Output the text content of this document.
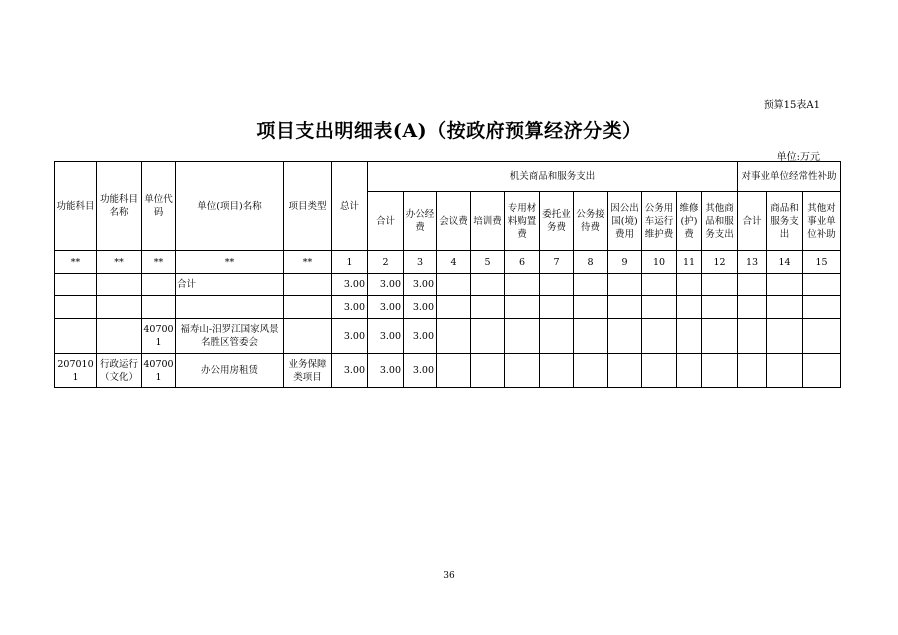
预算15表A1
项目支出明细表(A)（按政府预算经济分类）
单位:万元
功能科目	功能科目名称	单位代码	单位(项目)名称	项目类型	总计	机关商品和服务支出											对事业单位经常性补助		
						合计	办公经费	会议费	培训费	专用材料购置费	委托业务费	公务接待费	因公出国(境)费用	公务用车运行维护费	维修(护)费	其他商品和服务支出	合计	商品和服务支出	其他对事业单位补助
**	**	**	**	**	1	2	3	4	5	6	7	8	9	10	11	12	13	14	15
			合计		3.00	3.00	3.00												
					3.00	3.00	3.00												
		407001	福寿山-汨罗江国家风景名胜区管委会		3.00	3.00	3.00												
2070101	行政运行（文化）	407001	办公用房租赁	业务保障类项目	3.00	3.00	3.00												
36
